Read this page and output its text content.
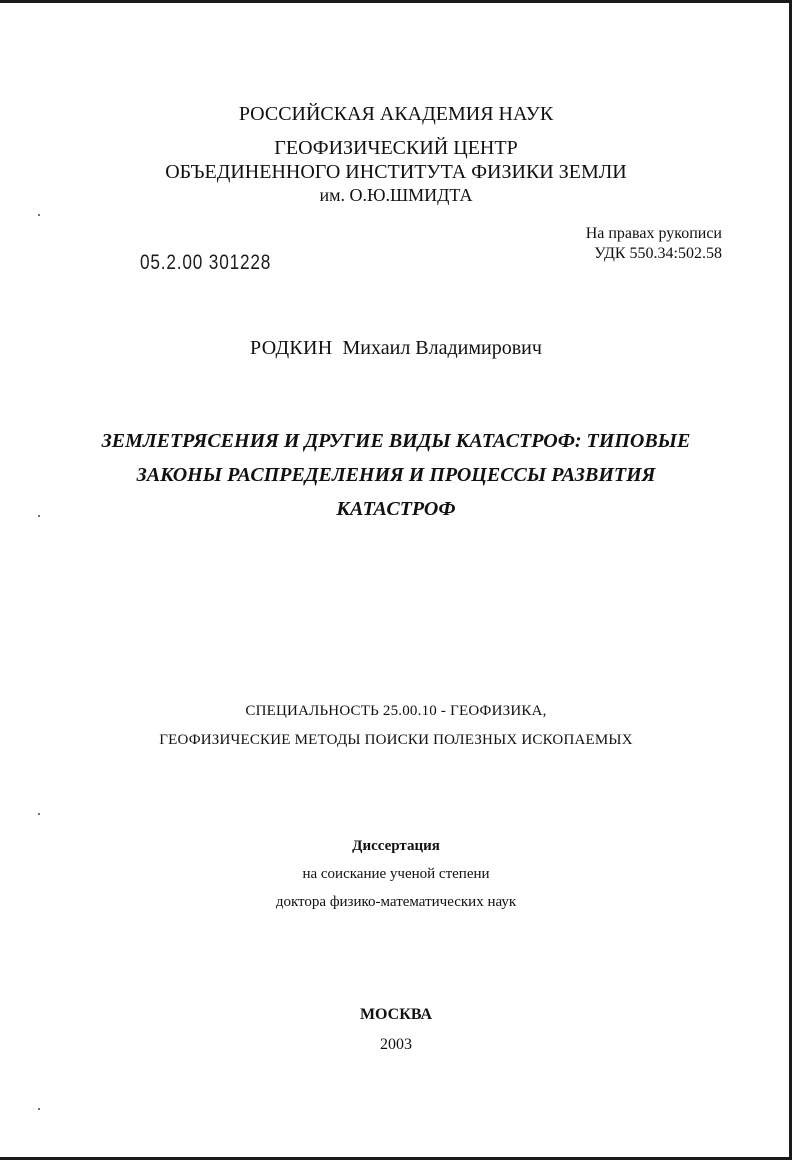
РОССИЙСКАЯ АКАДЕМИЯ НАУК
ГЕОФИЗИЧЕСКИЙ ЦЕНТР
ОБЪЕДИНЕННОГО ИНСТИТУТА ФИЗИКИ ЗЕМЛИ
им. О.Ю.ШМИДТА
На правах рукописи
УДК 550.34:502.58
05.2.00 301228
РОДКИН Михаил Владимирович
ЗЕМЛЕТРЯСЕНИЯ И ДРУГИЕ ВИДЫ КАТАСТРОФ: ТИПОВЫЕ
ЗАКОНЫ РАСПРЕДЕЛЕНИЯ И ПРОЦЕССЫ РАЗВИТИЯ
КАТАСТРОФ
СПЕЦИАЛЬНОСТЬ 25.00.10 - ГЕОФИЗИКА,
ГЕОФИЗИЧЕСКИЕ МЕТОДЫ ПОИСКИ ПОЛЕЗНЫХ ИСКОПАЕМЫХ
Диссертация
на соискание ученой степени
доктора физико-математических наук
МОСКВА
2003
